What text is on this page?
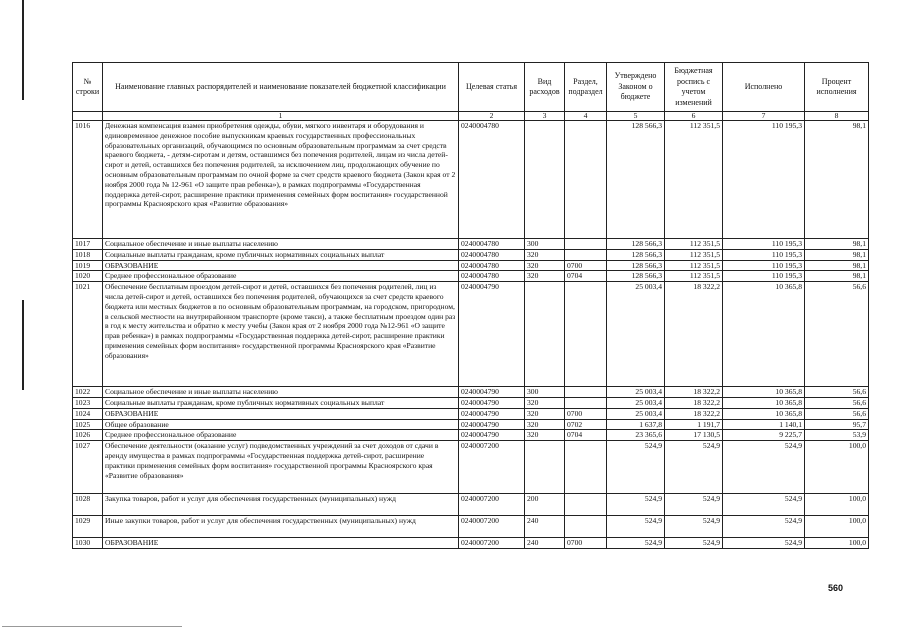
№ строки	Наименование главных распорядителей и наименование показателей бюджетной классификации	Целевая статья	Вид расходов	Раздел, подраздел	Утверждено Законом о бюджете	Бюджетная роспись с учетом изменений	Исполнено	Процент исполнения
	1	2	3	4	5	6	7	8
1016	Денежная компенсация взамен приобретения одежды, обуви, мягкого инвентаря и оборудования и единовременное денежное пособие выпускникам краевых государственных профессиональных образовательных организаций, обучающимся по основным образовательным программам за счет средств краевого бюджета, - детям-сиротам и детям, оставшимся без попечения родителей, лицам из числа детей-сирот и детей, оставшихся без попечения родителей, за исключением лиц, продолжающих обучение по основным образовательным программам по очной форме за счет средств краевого бюджета (Закон края от 2 ноября 2000 года № 12-961 «О защите прав ребенка»), в рамках подпрограммы «Государственная поддержка детей-сирот, расширение практики применения семейных форм воспитания» государственной программы Красноярского края «Развитие образования»	0240004780			128 566,3	112 351,5	110 195,3	98,1
1017	Социальное обеспечение и иные выплаты населению	0240004780	300		128 566,3	112 351,5	110 195,3	98,1
1018	Социальные выплаты гражданам, кроме публичных нормативных социальных выплат	0240004780	320		128 566,3	112 351,5	110 195,3	98,1
1019	ОБРАЗОВАНИЕ	0240004780	320	0700	128 566,3	112 351,5	110 195,3	98,1
1020	Среднее профессиональное образование	0240004780	320	0704	128 566,3	112 351,5	110 195,3	98,1
1021	Обеспечение бесплатным проездом детей-сирот и детей, оставшихся без попечения родителей, лиц из числа детей-сирот и детей, оставшихся без попечения родителей, обучающихся за счет средств краевого бюджета или местных бюджетов в по основным образовательным программам, на городском, пригородном, в сельской местности на внутрирайонном транспорте (кроме такси), а также бесплатным проездом один раз в год к месту жительства и обратно к месту учебы (Закон края от 2 ноября 2000 года №12-961 «О защите прав ребенка») в рамках подпрограммы «Государственная поддержка детей-сирот, расширение практики применения семейных форм воспитания» государственной программы Красноярского края «Развитие образования»	0240004790			25 003,4	18 322,2	10 365,8	56,6
1022	Социальное обеспечение и иные выплаты населению	0240004790	300		25 003,4	18 322,2	10 365,8	56,6
1023	Социальные выплаты гражданам, кроме публичных нормативных социальных выплат	0240004790	320		25 003,4	18 322,2	10 365,8	56,6
1024	ОБРАЗОВАНИЕ	0240004790	320	0700	25 003,4	18 322,2	10 365,8	56,6
1025	Общее образование	0240004790	320	0702	1 637,8	1 191,7	1 140,1	95,7
1026	Среднее профессиональное образование	0240004790	320	0704	23 365,6	17 130,5	9 225,7	53,9
1027	Обеспечение деятельности (оказание услуг) подведомственных учреждений за счет доходов от сдачи в аренду имущества в рамках подпрограммы «Государственная поддержка детей-сирот, расширение практики применения семейных форм воспитания» государственной программы Красноярского края «Развитие образования»	0240007200			524,9	524,9	524,9	100,0
1028	Закупка товаров, работ и услуг для обеспечения государственных (муниципальных) нужд	0240007200	200		524,9	524,9	524,9	100,0
1029	Иные закупки товаров, работ и услуг для обеспечения государственных (муниципальных) нужд	0240007200	240		524,9	524,9	524,9	100,0
1030	ОБРАЗОВАНИЕ	0240007200	240	0700	524,9	524,9	524,9	100,0
560
